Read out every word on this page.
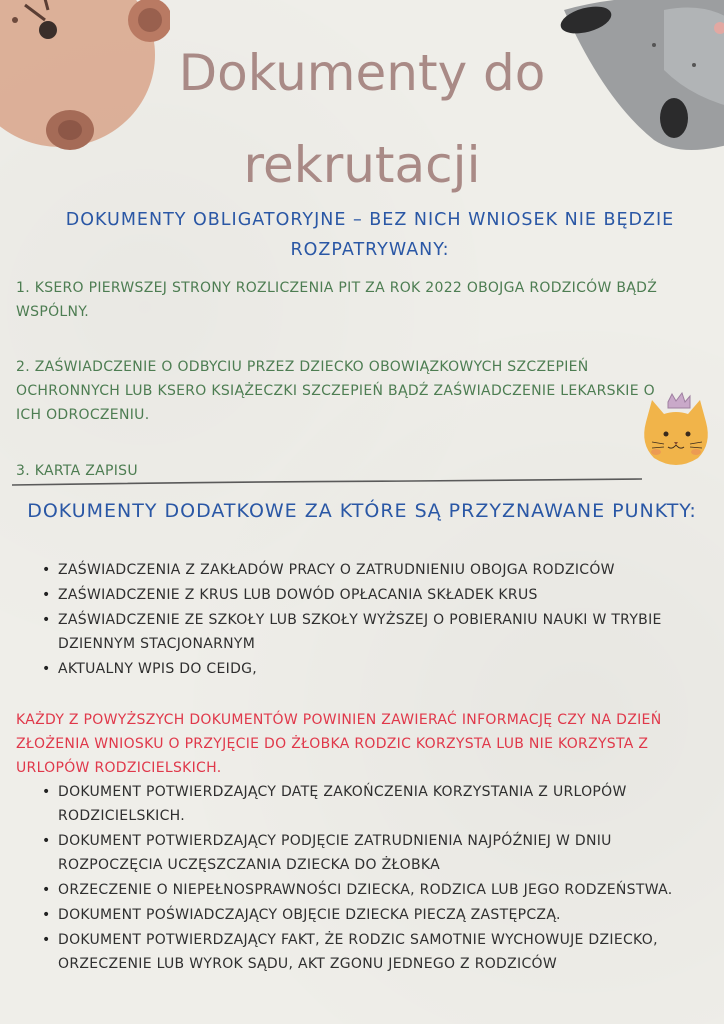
Dokumenty do
rekrutacji
DOKUMENTY OBLIGATORYJNE – BEZ NICH WNIOSEK NIE BĘDZIE ROZPATRYWANY:

1. KSERO PIERWSZEJ STRONY ROZLICZENIA PIT ZA ROK 2022 OBOJGA RODZICÓW BĄDŹ WSPÓLNY.

2. ZAŚWIADCZENIE O ODBYCIU PRZEZ DZIECKO OBOWIĄZKOWYCH SZCZEPIEŃ OCHRONNYCH LUB KSERO KSIĄŻECZKI SZCZEPIEŃ BĄDŹ ZAŚWIADCZENIE LEKARSKIE O ICH ODROCZENIU.

3. KARTA ZAPISU

DOKUMENTY DODATKOWE ZA KTÓRE SĄ PRZYZNAWANE PUNKTY:
• ZAŚWIADCZENIA Z ZAKŁADÓW PRACY O ZATRUDNIENIU OBOJGA RODZICÓW
• ZAŚWIADCZENIE Z KRUS LUB DOWÓD OPŁACANIA SKŁADEK KRUS
• ZAŚWIADCZENIE ZE SZKOŁY LUB SZKOŁY WYŻSZEJ O POBIERANIU NAUKI W TRYBIE DZIENNYM STACJONARNYM
• AKTUALNY WPIS DO CEIDG,

KAŻDY Z POWYŻSZYCH DOKUMENTÓW POWINIEN ZAWIERAĆ INFORMACJĘ CZY NA DZIEŃ ZŁOŻENIA WNIOSKU O PRZYJĘCIE DO ŻŁOBKA RODZIC KORZYSTA LUB NIE KORZYSTA Z URLOPÓW RODZICIELSKICH.

• DOKUMENT POTWIERDZAJĄCY DATĘ ZAKOŃCZENIA KORZYSTANIA Z URLOPÓW RODZICIELSKICH.
• DOKUMENT POTWIERDZAJĄCY PODJĘCIE ZATRUDNIENIA NAJPÓŹNIEJ W DNIU ROZPOCZĘCIA UCZĘSZCZANIA DZIECKA DO ŻŁOBKA
• ORZECZENIE O NIEPEŁNOSPRAWNOŚCI DZIECKA, RODZICA LUB JEGO RODZEŃSTWA.
• DOKUMENT POŚWIADCZAJĄCY OBJĘCIE DZIECKA PIECZĄ ZASTĘPCZĄ.
• DOKUMENT POTWIERDZAJĄCY FAKT, ŻE RODZIC SAMOTNIE WYCHOWUJE DZIECKO, ORZECZENIE LUB WYROK SĄDU, AKT ZGONU JEDNEGO Z RODZICÓW
